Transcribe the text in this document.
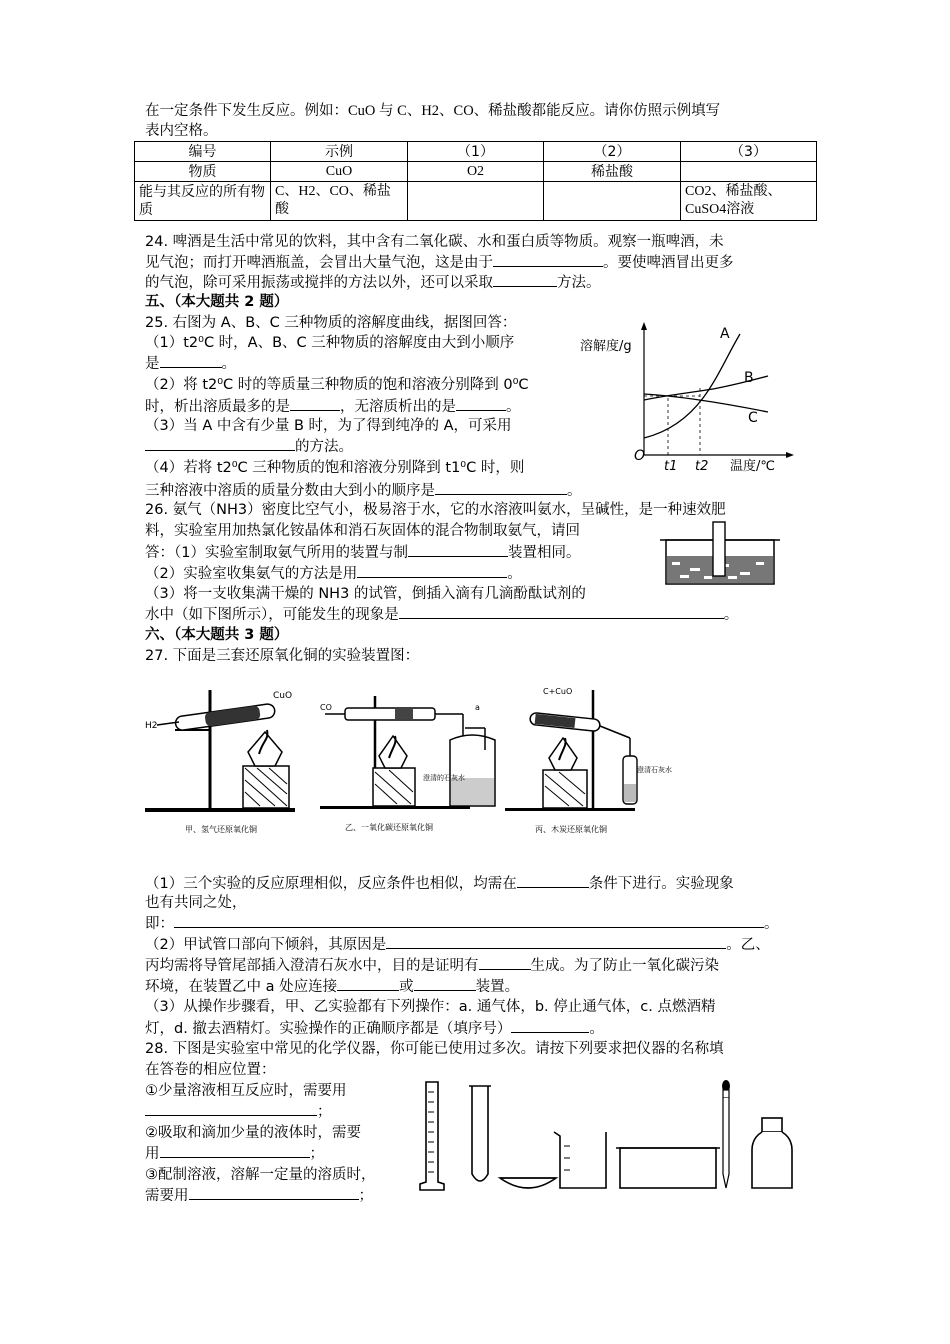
在一定条件下发生反应。例如：CuO 与 C、H2、CO、稀盐酸都能反应。请你仿照示例填写
表内空格。
编号	示例	（1）	（2）	（3）
物质	CuO	O2	稀盐酸	
能与其反应的所有物质	C、H2、CO、稀盐酸			CO2、稀盐酸、CuSO4溶液
24. 啤酒是生活中常见的饮料，其中含有二氧化碳、水和蛋白质等物质。观察一瓶啤酒，未
见气泡；而打开啤酒瓶盖，会冒出大量气泡，这是由于	。要使啤酒冒出更多
的气泡，除可采用振荡或搅拌的方法以外，还可以采取	方法。
五、（本大题共 2 题）
25. 右图为 A、B、C 三种物质的溶解度曲线，据图回答：
（1）t2⁰C 时，A、B、C 三种物质的溶解度由大到小顺序
是	。
（2）将 t2⁰C 时的等质量三种物质的饱和溶液分别降到 0⁰C
时，析出溶质最多的是	，无溶质析出的是	。
（3）当 A 中含有少量 B 时，为了得到纯净的 A，可采用
的方法。
（4）若将 t2⁰C 三种物质的饱和溶液分别降到 t1⁰C 时，则
三种溶液中溶质的质量分数由大到小的顺序是	。
溶解度/g
A
B
C
O
t1 t2 温度/℃
26. 氨气（NH3）密度比空气小，极易溶于水，它的水溶液叫氨水，呈碱性，是一种速效肥
料，实验室用加热氯化铵晶体和消石灰固体的混合物制取氨气，请回
答：（1）实验室制取氨气所用的装置与制	装置相同。
（2）实验室收集氨气的方法是用	。
（3）将一支收集满干燥的 NH3 的试管，倒插入滴有几滴酚酞试剂的
水中（如下图所示），可能发生的现象是	。
六、（本大题共 3 题）
27. 下面是三套还原氧化铜的实验装置图：
H2
CuO
甲、氢气还原氧化铜
CO	a
澄清的石灰水
乙、一氧化碳还原氧化铜
C+CuO
澄清石灰水
丙、木炭还原氧化铜
（1）三个实验的反应原理相似，反应条件也相似，均需在	条件下进行。实验现象
也有共同之处，
即：	。
（2）甲试管口部向下倾斜，其原因是	。乙、
丙均需将导管尾部插入澄清石灰水中，目的是证明有	生成。为了防止一氧化碳污染
环境，在装置乙中 a 处应连接	或	装置。
（3）从操作步骤看，甲、乙实验都有下列操作：a. 通气体，b. 停止通气体，c. 点燃酒精
灯，d. 撤去酒精灯。实验操作的正确顺序都是（填序号）	。
28. 下图是实验室中常见的化学仪器，你可能已使用过多次。请按下列要求把仪器的名称填
在答卷的相应位置：
①少量溶液相互反应时，需要用
；
②吸取和滴加少量的液体时，需要
用	；
③配制溶液，溶解一定量的溶质时，
需要用	；
